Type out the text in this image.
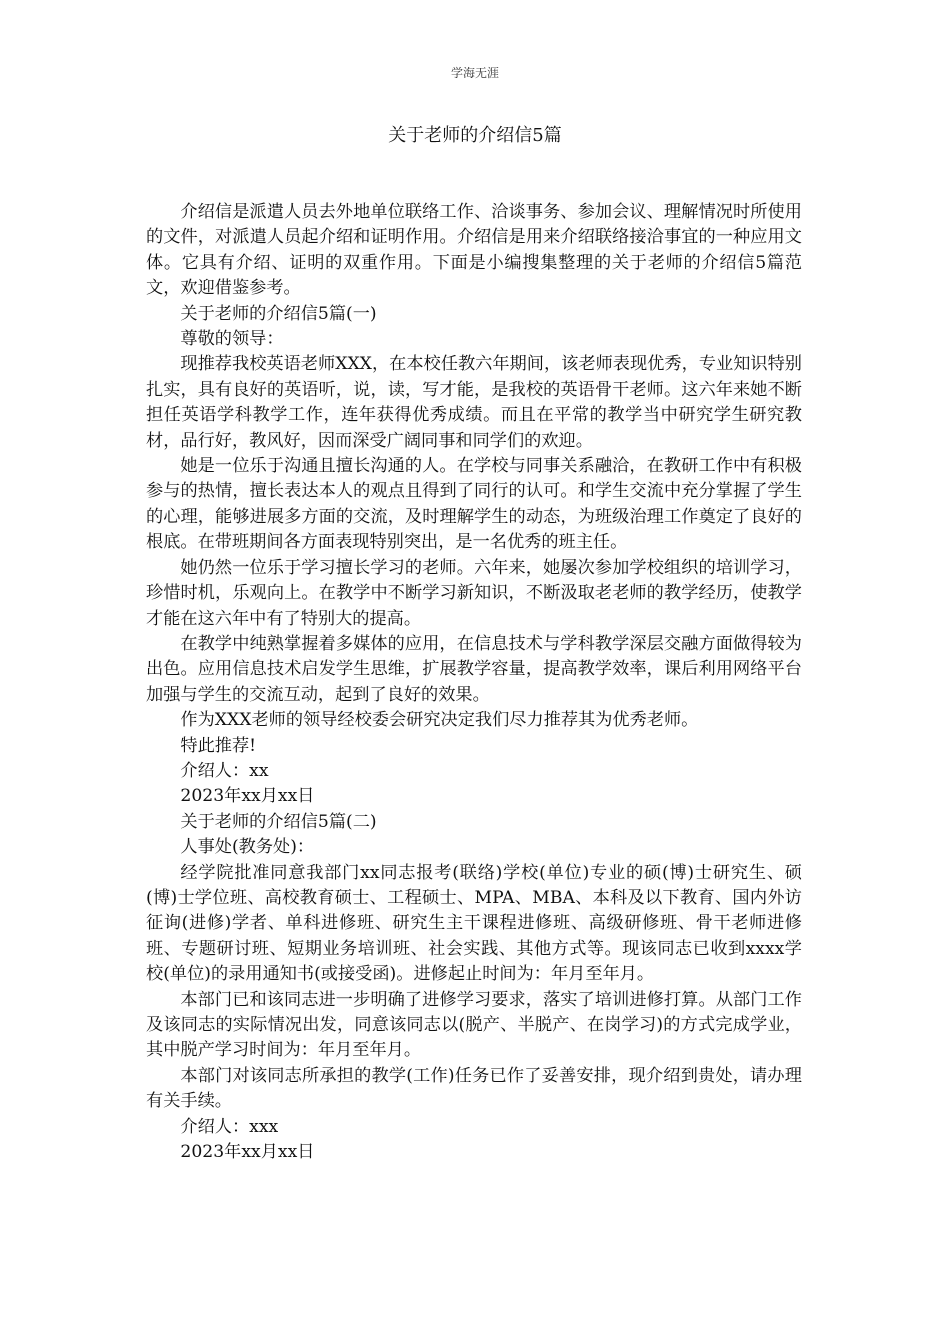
学海无涯
关于老师的介绍信5篇

介绍信是派遣人员去外地单位联络工作、洽谈事务、参加会议、理解情况时所使用的文件，对派遣人员起介绍和证明作用。介绍信是用来介绍联络接洽事宜的一种应用文体。它具有介绍、证明的双重作用。下面是小编搜集整理的关于老师的介绍信5篇范文，欢迎借鉴参考。

关于老师的介绍信5篇(一)

尊敬的领导：

现推荐我校英语老师XXX，在本校任教六年期间，该老师表现优秀，专业知识特别扎实，具有良好的英语听，说，读，写才能，是我校的英语骨干老师。这六年来她不断担任英语学科教学工作，连年获得优秀成绩。而且在平常的教学当中研究学生研究教材，品行好，教风好，因而深受广阔同事和同学们的欢迎。

她是一位乐于沟通且擅长沟通的人。在学校与同事关系融洽，在教研工作中有积极参与的热情，擅长表达本人的观点且得到了同行的认可。和学生交流中充分掌握了学生的心理，能够进展多方面的交流，及时理解学生的动态，为班级治理工作奠定了良好的根底。在带班期间各方面表现特别突出，是一名优秀的班主任。

她仍然一位乐于学习擅长学习的老师。六年来，她屡次参加学校组织的培训学习，珍惜时机，乐观向上。在教学中不断学习新知识，不断汲取老老师的教学经历，使教学才能在这六年中有了特别大的提高。

在教学中纯熟掌握着多媒体的应用，在信息技术与学科教学深层交融方面做得较为出色。应用信息技术启发学生思维，扩展教学容量，提高教学效率，课后利用网络平台加强与学生的交流互动，起到了良好的效果。

作为XXX老师的领导经校委会研究决定我们尽力推荐其为优秀老师。

特此推荐!

介绍人：xx

2023年xx月xx日

关于老师的介绍信5篇(二)

人事处(教务处)：

经学院批准同意我部门xx同志报考(联络)学校(单位)专业的硕(博)士研究生、硕(博)士学位班、高校教育硕士、工程硕士、MPA、MBA、本科及以下教育、国内外访征询(进修)学者、单科进修班、研究生主干课程进修班、高级研修班、骨干老师进修班、专题研讨班、短期业务培训班、社会实践、其他方式等。现该同志已收到xxxx学校(单位)的录用通知书(或接受函)。进修起止时间为：年月至年月。

本部门已和该同志进一步明确了进修学习要求，落实了培训进修打算。从部门工作及该同志的实际情况出发，同意该同志以(脱产、半脱产、在岗学习)的方式完成学业，其中脱产学习时间为：年月至年月。

本部门对该同志所承担的教学(工作)任务已作了妥善安排，现介绍到贵处，请办理有关手续。

介绍人：xxx

2023年xx月xx日
